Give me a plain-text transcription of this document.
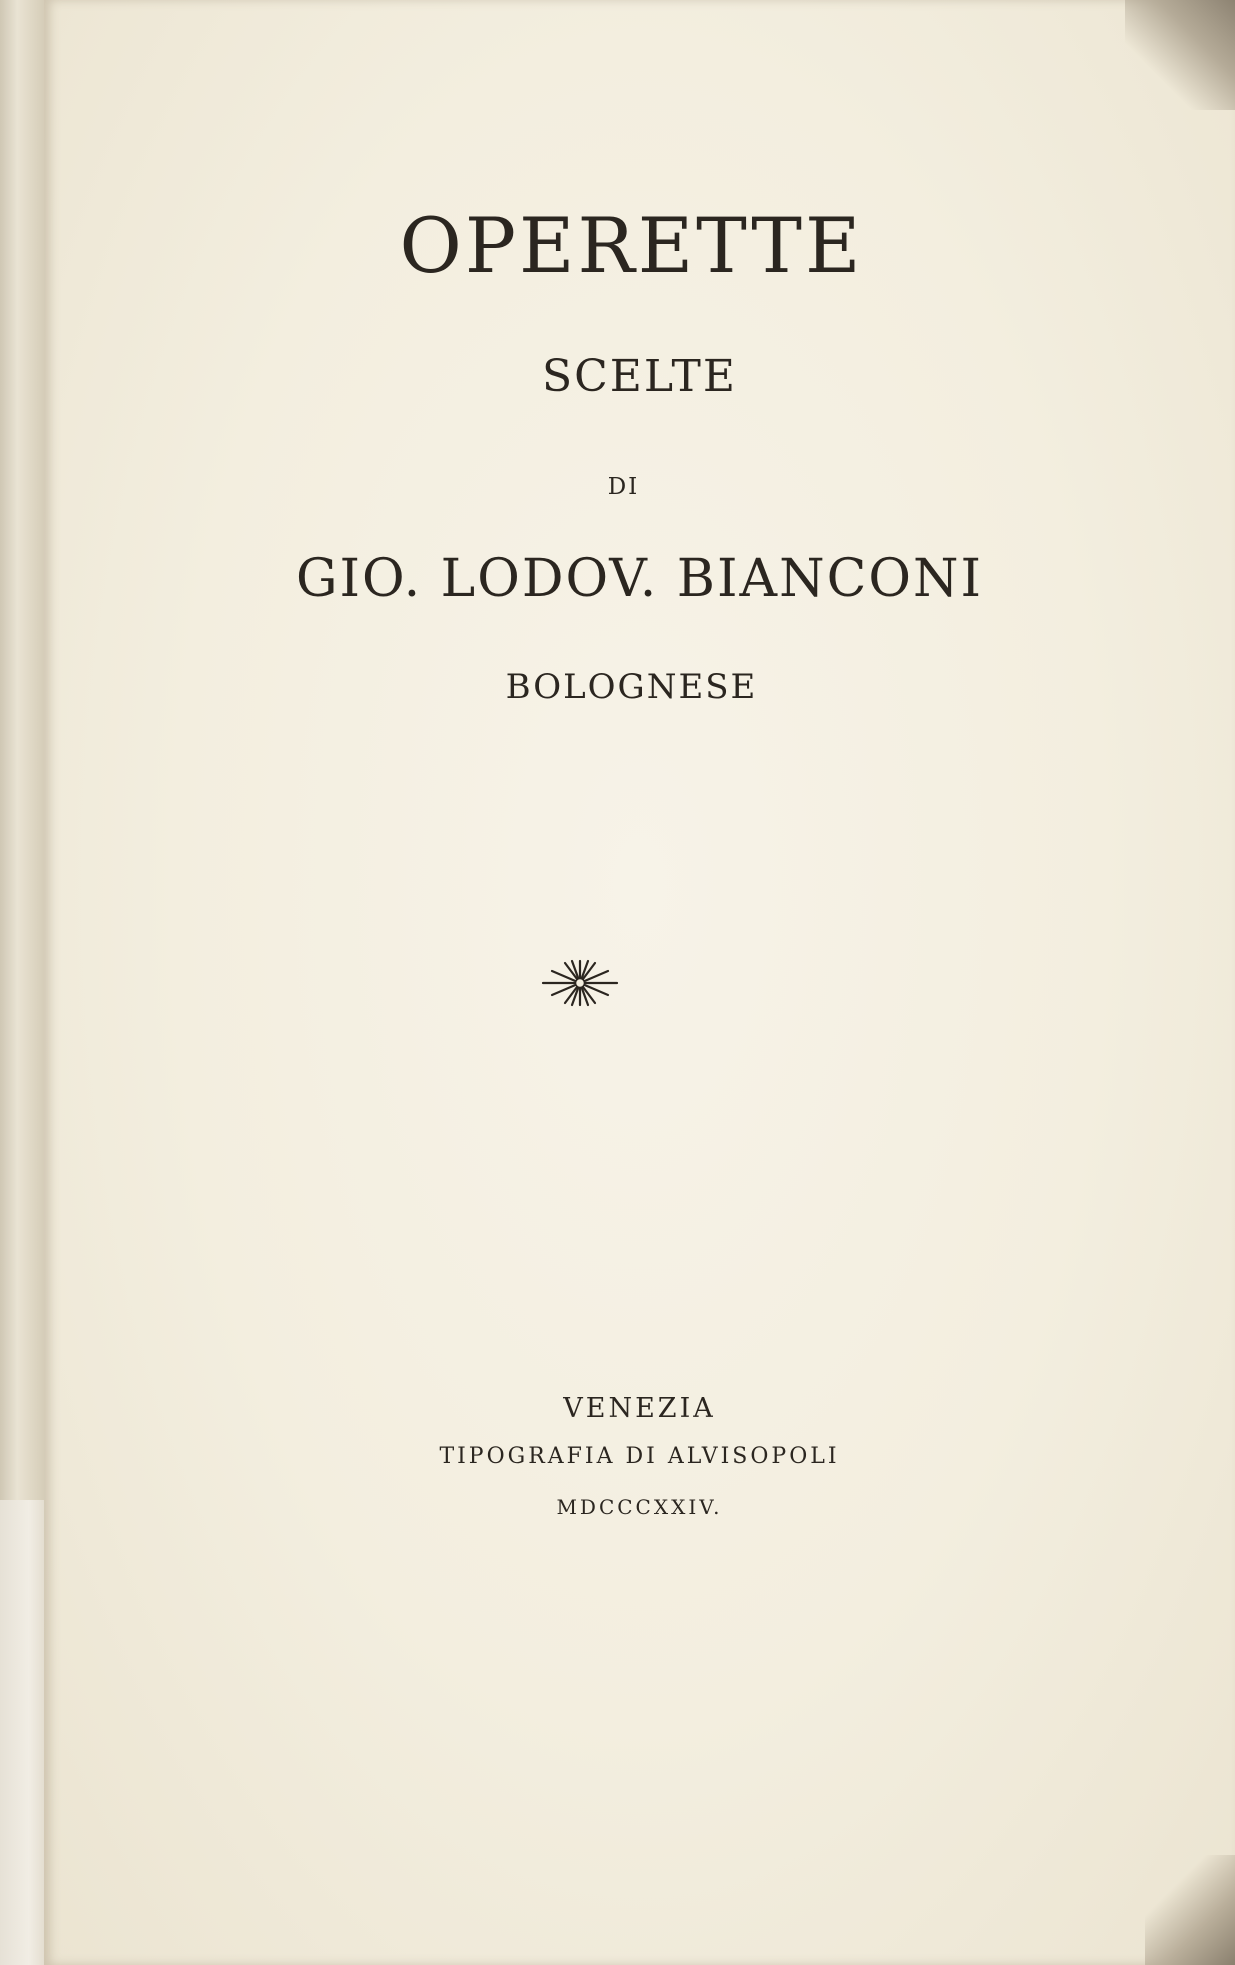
OPERETTE
SCELTE
DI
GIO. LODOV. BIANCONI
BOLOGNESE
VENEZIA
TIPOGRAFIA DI ALVISOPOLI
MDCCCXXIV.
